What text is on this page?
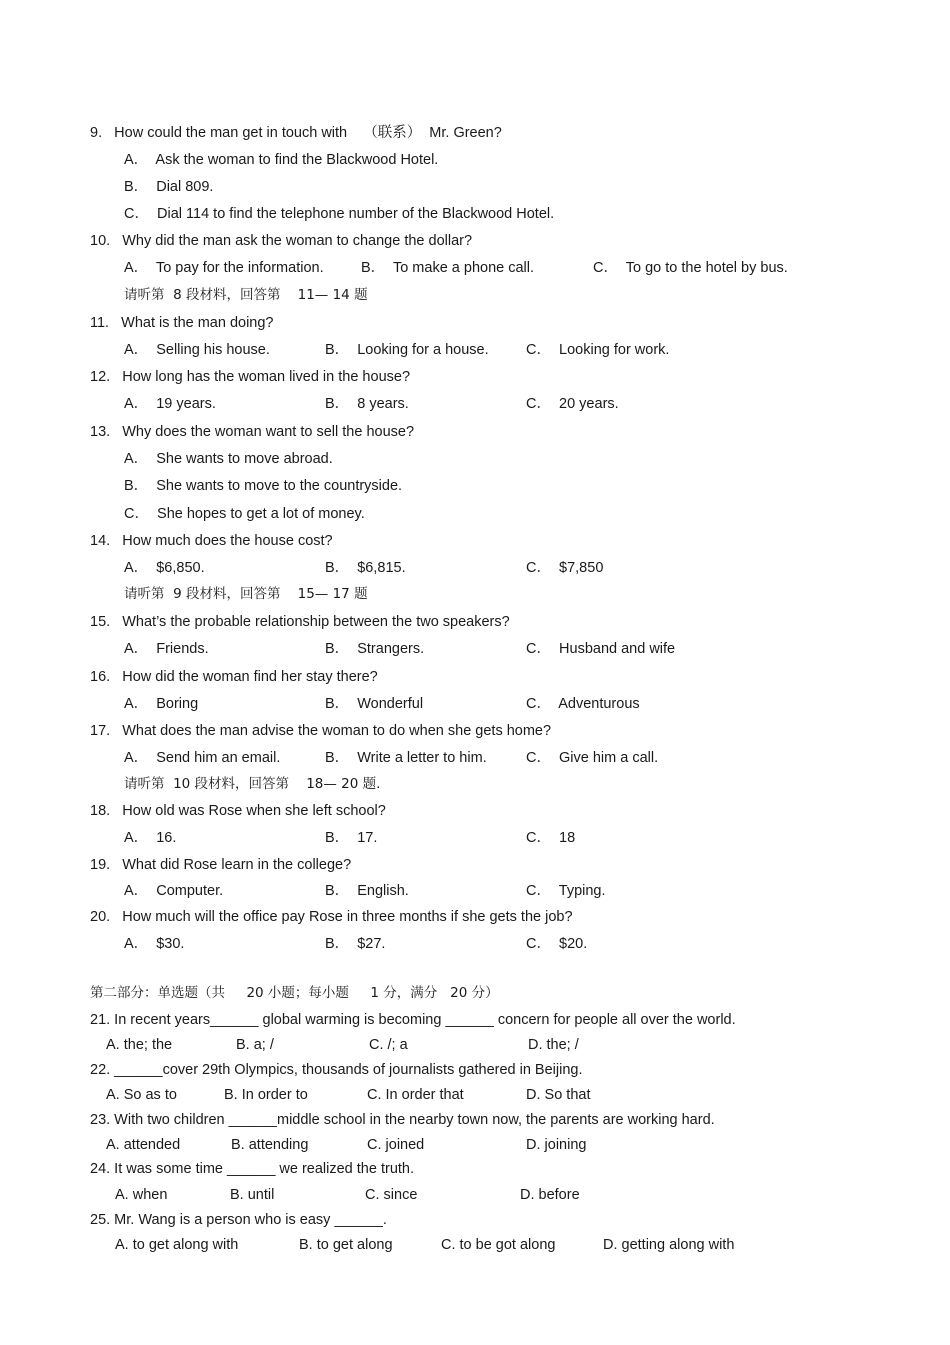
9.   How could the man get in touch with    （联系）  Mr. Green?
A．  Ask the woman to find the Blackwood Hotel.
B．  Dial 809.
C．  Dial 114 to find the telephone number of the Blackwood Hotel.
10.   Why did the man ask the woman to change the dollar?
A．  To pay for the information.	B．  To make a phone call.	C．  To go to the hotel by bus.
请听第  8 段材料，回答第    11— 14 题
11.   What is the man doing?
A．  Selling his house.	B．  Looking for a house.	C．  Looking for work.
12.   How long has the woman lived in the house?
A．  19 years.	B．  8 years.	C．  20 years.
13.   Why does the woman want to sell the house?
A．  She wants to move abroad.
B．  She wants to move to the countryside.
C．  She hopes to get a lot of money.
14.   How much does the house cost?
A．  $6,850.	B．  $6,815.	C．  $7,850
请听第  9 段材料，回答第    15— 17 题
15.   What’s the probable relationship between the two speakers?
A．  Friends.	B．  Strangers.	C．  Husband and wife
16.   How did the woman find her stay there?
A．  Boring	B．  Wonderful	C．  Adventurous
17.   What does the man advise the woman to do when she gets home?
A．  Send him an email.	B．  Write a letter to him.	C．  Give him a call.
请听第  10 段材料，回答第    18— 20 题.
18.   How old was Rose when she left school?
A．  16.	B．  17.	C．  18
19.   What did Rose learn in the college?
A．  Computer.	B．  English.	C．  Typing.
20.   How much will the office pay Rose in three months if she gets the job?
A．  $30.	B．  $27.	C．  $20.
第二部分：单选题（共     20 小题；每小题     1 分，满分   20 分）
21. In recent years______ global warming is becoming ______ concern for people all over the world.
A. the; the	B. a; /	C. /; a	D. the; /
22. ______cover 29th Olympics, thousands of journalists gathered in Beijing.
A. So as to	B. In order to	C. In order that	D. So that
23. With two children ______middle school in the nearby town now, the parents are working hard.
A. attended	B. attending	C. joined	D. joining
24. It was some time ______ we realized the truth.
A. when	B. until	C. since	D. before
25. Mr. Wang is a person who is easy ______.
A. to get along with	B. to get along	C. to be got along	D. getting along with
